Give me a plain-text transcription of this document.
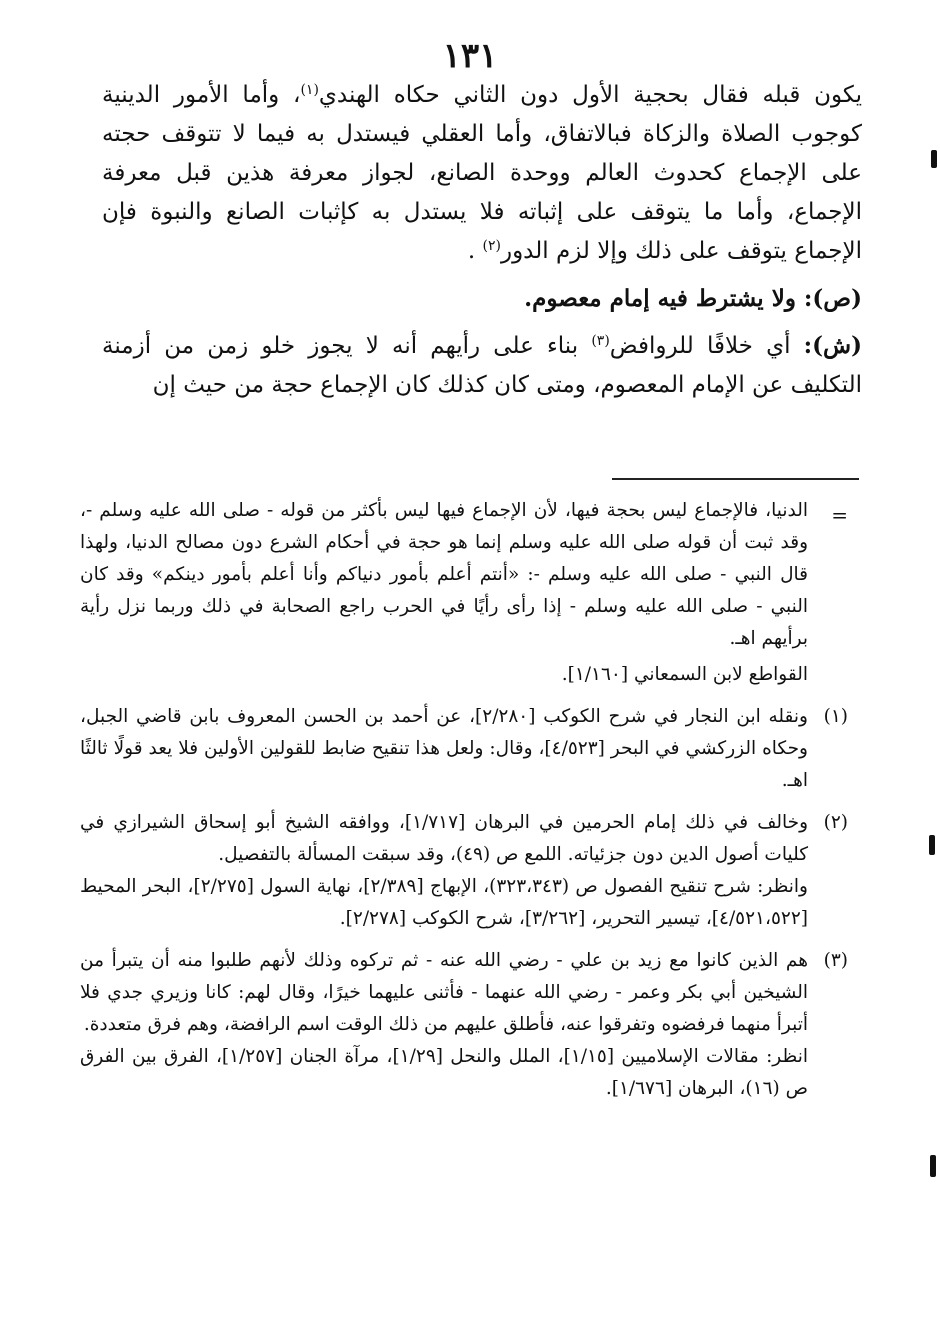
١٣١

يكون قبله فقال بحجية الأول دون الثاني حكاه الهندي$^{(١)}$، وأما الأمور الدينية كوجوب الصلاة والزكاة فبالاتفاق، وأما العقلي فيستدل به فيما لا تتوقف حجته على الإجماع كحدوث العالم ووحدة الصانع، لجواز معرفة هذين قبل معرفة الإجماع، وأما ما يتوقف على إثباته فلا يستدل به كإثبات الصانع والنبوة فإن الإجماع يتوقف على ذلك وإلا لزم الدور$^{(٢)}$ .

(ص): ولا يشترط فيه إمام معصوم.

(ش): أي خلافًا للروافض$^{(٣)}$ بناء على رأيهم أنه لا يجوز خلو زمن من أزمنة التكليف عن الإمام المعصوم، ومتى كان كذلك كان الإجماع حجة من حيث إن

=
الدنيا، فالإجماع ليس بحجة فيها، لأن الإجماع فيها ليس بأكثر من قوله - صلى الله عليه وسلم -، وقد ثبت أن قوله صلى الله عليه وسلم إنما هو حجة في أحكام الشرع دون مصالح الدنيا، ولهذا قال النبي - صلى الله عليه وسلم -: «أنتم أعلم بأمور دنياكم وأنا أعلم بأمور دينكم» وقد كان النبي - صلى الله عليه وسلم - إذا رأى رأيًا في الحرب راجع الصحابة في ذلك وربما نزل رأية برأيهم اهـ.

القواطع لابن السمعاني [١/١٦٠].

(١)
ونقله ابن النجار في شرح الكوكب [٢/٢٨٠]، عن أحمد بن الحسن المعروف بابن قاضي الجبل، وحكاه الزركشي في البحر [٤/٥٢٣]، وقال: ولعل هذا تنقيح ضابط للقولين الأولين فلا يعد قولًا ثالثًا اهـ.

(٢)
وخالف في ذلك إمام الحرمين في البرهان [١/٧١٧]، ووافقه الشيخ أبو إسحاق الشيرازي في كليات أصول الدين دون جزئياته. اللمع ص (٤٩)، وقد سبقت المسألة بالتفصيل.

وانظر: شرح تنقيح الفصول ص (٣٢٣،٣٤٣)، الإبهاج [٢/٣٨٩]، نهاية السول [٢/٢٧٥]، البحر المحيط [٤/٥٢١،٥٢٢]، تيسير التحرير، [٣/٢٦٢]، شرح الكوكب [٢/٢٧٨].

(٣)
هم الذين كانوا مع زيد بن علي - رضي الله عنه - ثم تركوه وذلك لأنهم طلبوا منه أن يتبرأ من الشيخين أبي بكر وعمر - رضي الله عنهما - فأثنى عليهما خيرًا، وقال لهم: كانا وزيري جدي فلا أتبرأ منهما فرفضوه وتفرقوا عنه، فأطلق عليهم من ذلك الوقت اسم الرافضة، وهم فرق متعددة.

انظر: مقالات الإسلاميين [١/١٥]، الملل والنحل [١/٢٩]، مرآة الجنان [١/٢٥٧]، الفرق بين الفرق ص (١٦)، البرهان [١/٦٧٦].
